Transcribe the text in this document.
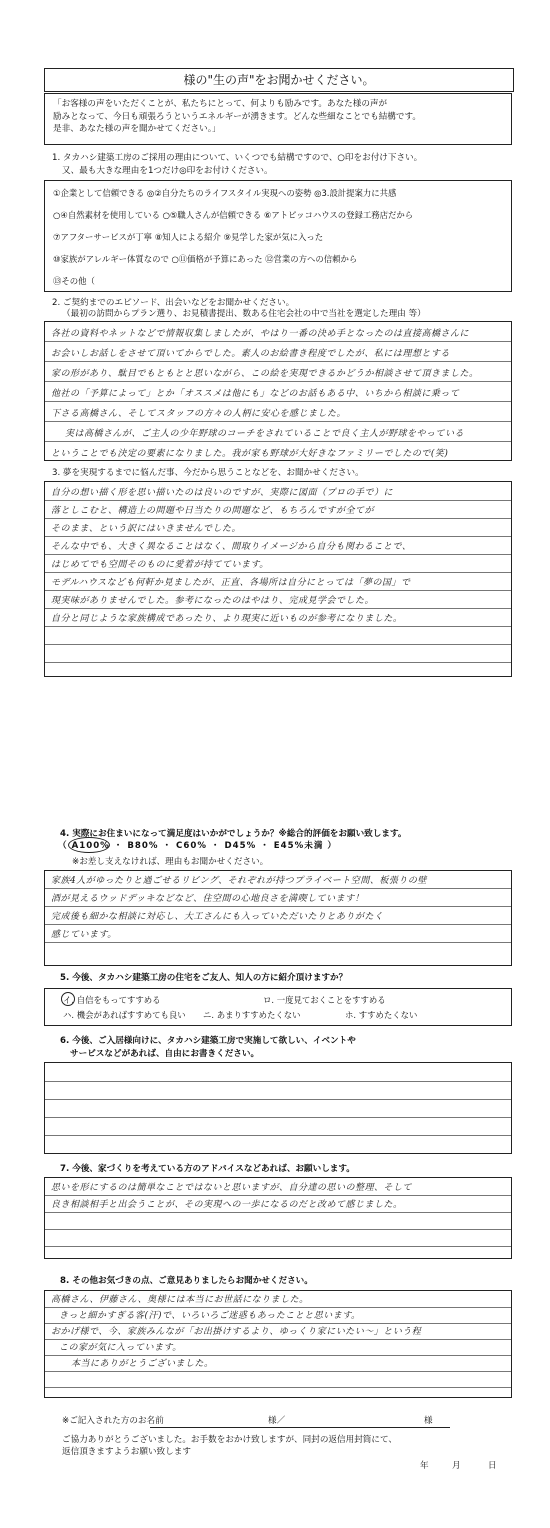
様の"生の声"をお聞かせください。

「お客様の声をいただくことが、私たちにとって、何よりも励みです。あなた様の声が

励みとなって、今日も頑張ろうというエネルギーが湧きます。どんな些細なことでも結構です。

是非、あなた様の声を聞かせてください。」

1. タカハシ建築工房のご採用の理由について、いくつでも結構ですので、○印をお付け下さい。
又、最も大きな理由を1つだけ◎印をお付けください。
①企業として信頼できる ◎②自分たちのライフスタイル実現への姿勢 ◎3.設計提案力に共感
○④自然素材を使用している ○⑤職人さんが信頼できる ⑥アトピッコハウスの登録工務店だから
⑦アフターサービスが丁寧 ⑧知人による紹介 ⑨見学した家が気に入った
⑩家族がアレルギー体質なので ○⑪価格が予算にあった ⑫営業の方への信頼から
⑬その他（
2. ご契約までのエピソード、出会いなどをお聞かせください。
（最初の訪問からプラン選り、お見積書提出、数ある住宅会社の中で当社を選定した理由 等）
各社の資料やネットなどで情報収集しましたが、やはり一番の決め手となったのは直接高橋さんに
お会いしお話しをさせて頂いてからでした。素人のお絵書き程度でしたが、私には理想とする
家の形があり、駄目でもともとと思いながら、この絵を実現できるかどうか相談させて頂きました。
他社の「予算によって」とか「オススメは他にも」などのお話もある中、いちから相談に乗って
下さる高橋さん、そしてスタッフの方々の人柄に安心を感じました。
実は高橋さんが、ご主人の少年野球のコーチをされていることで良く主人が野球をやっている
ということでも決定の要素になりました。我が家も野球が大好きなファミリーでしたので(笑)
3. 夢を実現するまでに悩んだ事、今だから思うことなどを、お聞かせください。
自分の想い描く形を思い描いたのは良いのですが、実際に図面（プロの手で）に
落としこむと、構造上の問題や日当たりの問題など、もちろんですが全てが
そのまま、という訳にはいきませんでした。
そんな中でも、大きく異なることはなく、間取りイメージから自分も関わることで、
はじめてでも空間そのものに愛着が持てています。
モデルハウスなども何軒か見ましたが、正直、各場所は自分にとっては「夢の国」で
現実味がありませんでした。参考になったのはやはり、完成見学会でした。
自分と同じような家族構成であったり、より現実に近いものが参考になりました。
4. 実際にお住まいになって満足度はいかがでしょうか？※総合的評価をお願い致します。
（ A100% ・ B80% ・ C60% ・ D45% ・ E45%未満 ）
※お差し支えなければ、理由もお聞かせください。
家族4人がゆったりと過ごせるリビング、それぞれが持つプライベート空間、板張りの壁
酒が見えるウッドデッキなどなど、住空間の心地良さを満喫しています！
完成後も細かな相談に対応し、大工さんにも入っていただいたりとありがたく
感じています。
5. 今後、タカハシ建築工房の住宅をご友人、知人の方に紹介頂けますか？
イ. 自信をもってすすめる	ロ. 一度見ておくことをすすめる
ハ. 機会があればすすめても良い ニ. あまりすすめたくない	ホ. すすめたくない
6. 今後、ご入居様向けに、タカハシ建築工房で実施して欲しい、イベントや
サービスなどがあれば、自由にお書きください。
7. 今後、家づくりを考えている方のアドバイスなどあれば、お願いします。
思いを形にするのは簡単なことではないと思いますが、自分達の思いの整理、そして
良き相談相手と出会うことが、その実現への一歩になるのだと改めて感じました。
8. その他お気づきの点、ご意見ありましたらお聞かせください。
高橋さん、伊藤さん、奥様には本当にお世話になりました。
きっと細かすぎる客(汗)で、いろいろご迷惑もあったことと思います。
おかげ様で、今、家族みんなが「お出掛けするより、ゆっくり家にいたい～」という程
この家が気に入っています。
本当にありがとうございました。
※ご記入された方のお名前	様／	様
ご協力ありがとうございました。お手数をおかけ致しますが、同封の返信用封筒にて、
返信頂きますようお願い致します
年	月	日
